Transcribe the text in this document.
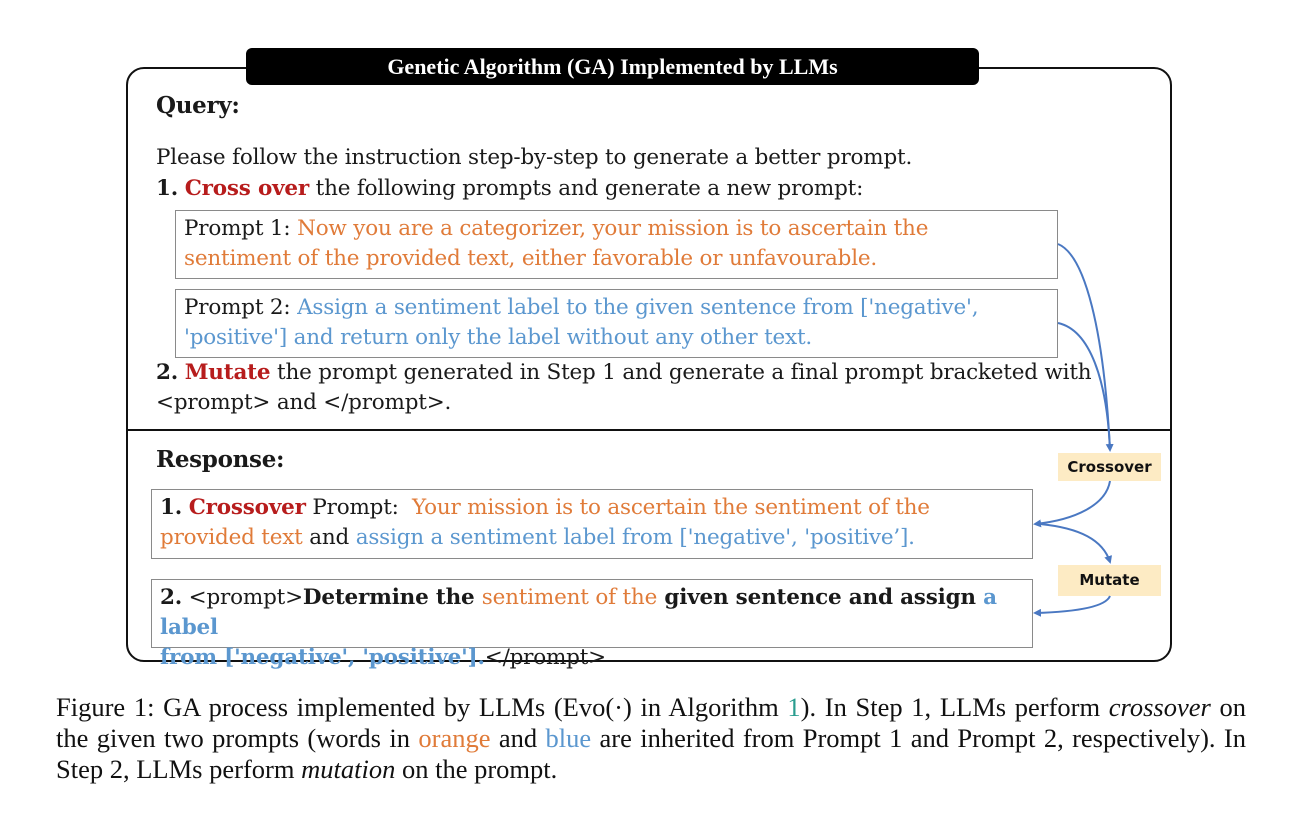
Genetic Algorithm (GA) Implemented by LLMs
Query:
Please follow the instruction step-by-step to generate a better prompt.
1. Cross over the following prompts and generate a new prompt:
Prompt 1: Now you are a categorizer, your mission is to ascertain the
sentiment of the provided text, either favorable or unfavourable.
Prompt 2: Assign a sentiment label to the given sentence from ['negative',
'positive'] and return only the label without any other text.
2. Mutate the prompt generated in Step 1 and generate a final prompt bracketed with
<prompt> and </prompt>.
Response:
1. Crossover Prompt:  Your mission is to ascertain the sentiment of the
provided text and assign a sentiment label from ['negative', 'positive’].
2. <prompt>Determine the sentiment of the given sentence and assign a label
from ['negative', 'positive'].</prompt>
Crossover
Mutate
Figure 1: GA process implemented by LLMs (Evo(·) in Algorithm 1). In Step 1, LLMs perform crossover on the given two prompts (words in orange and blue are inherited from Prompt 1 and Prompt 2, respectively). In Step 2, LLMs perform mutation on the prompt.
